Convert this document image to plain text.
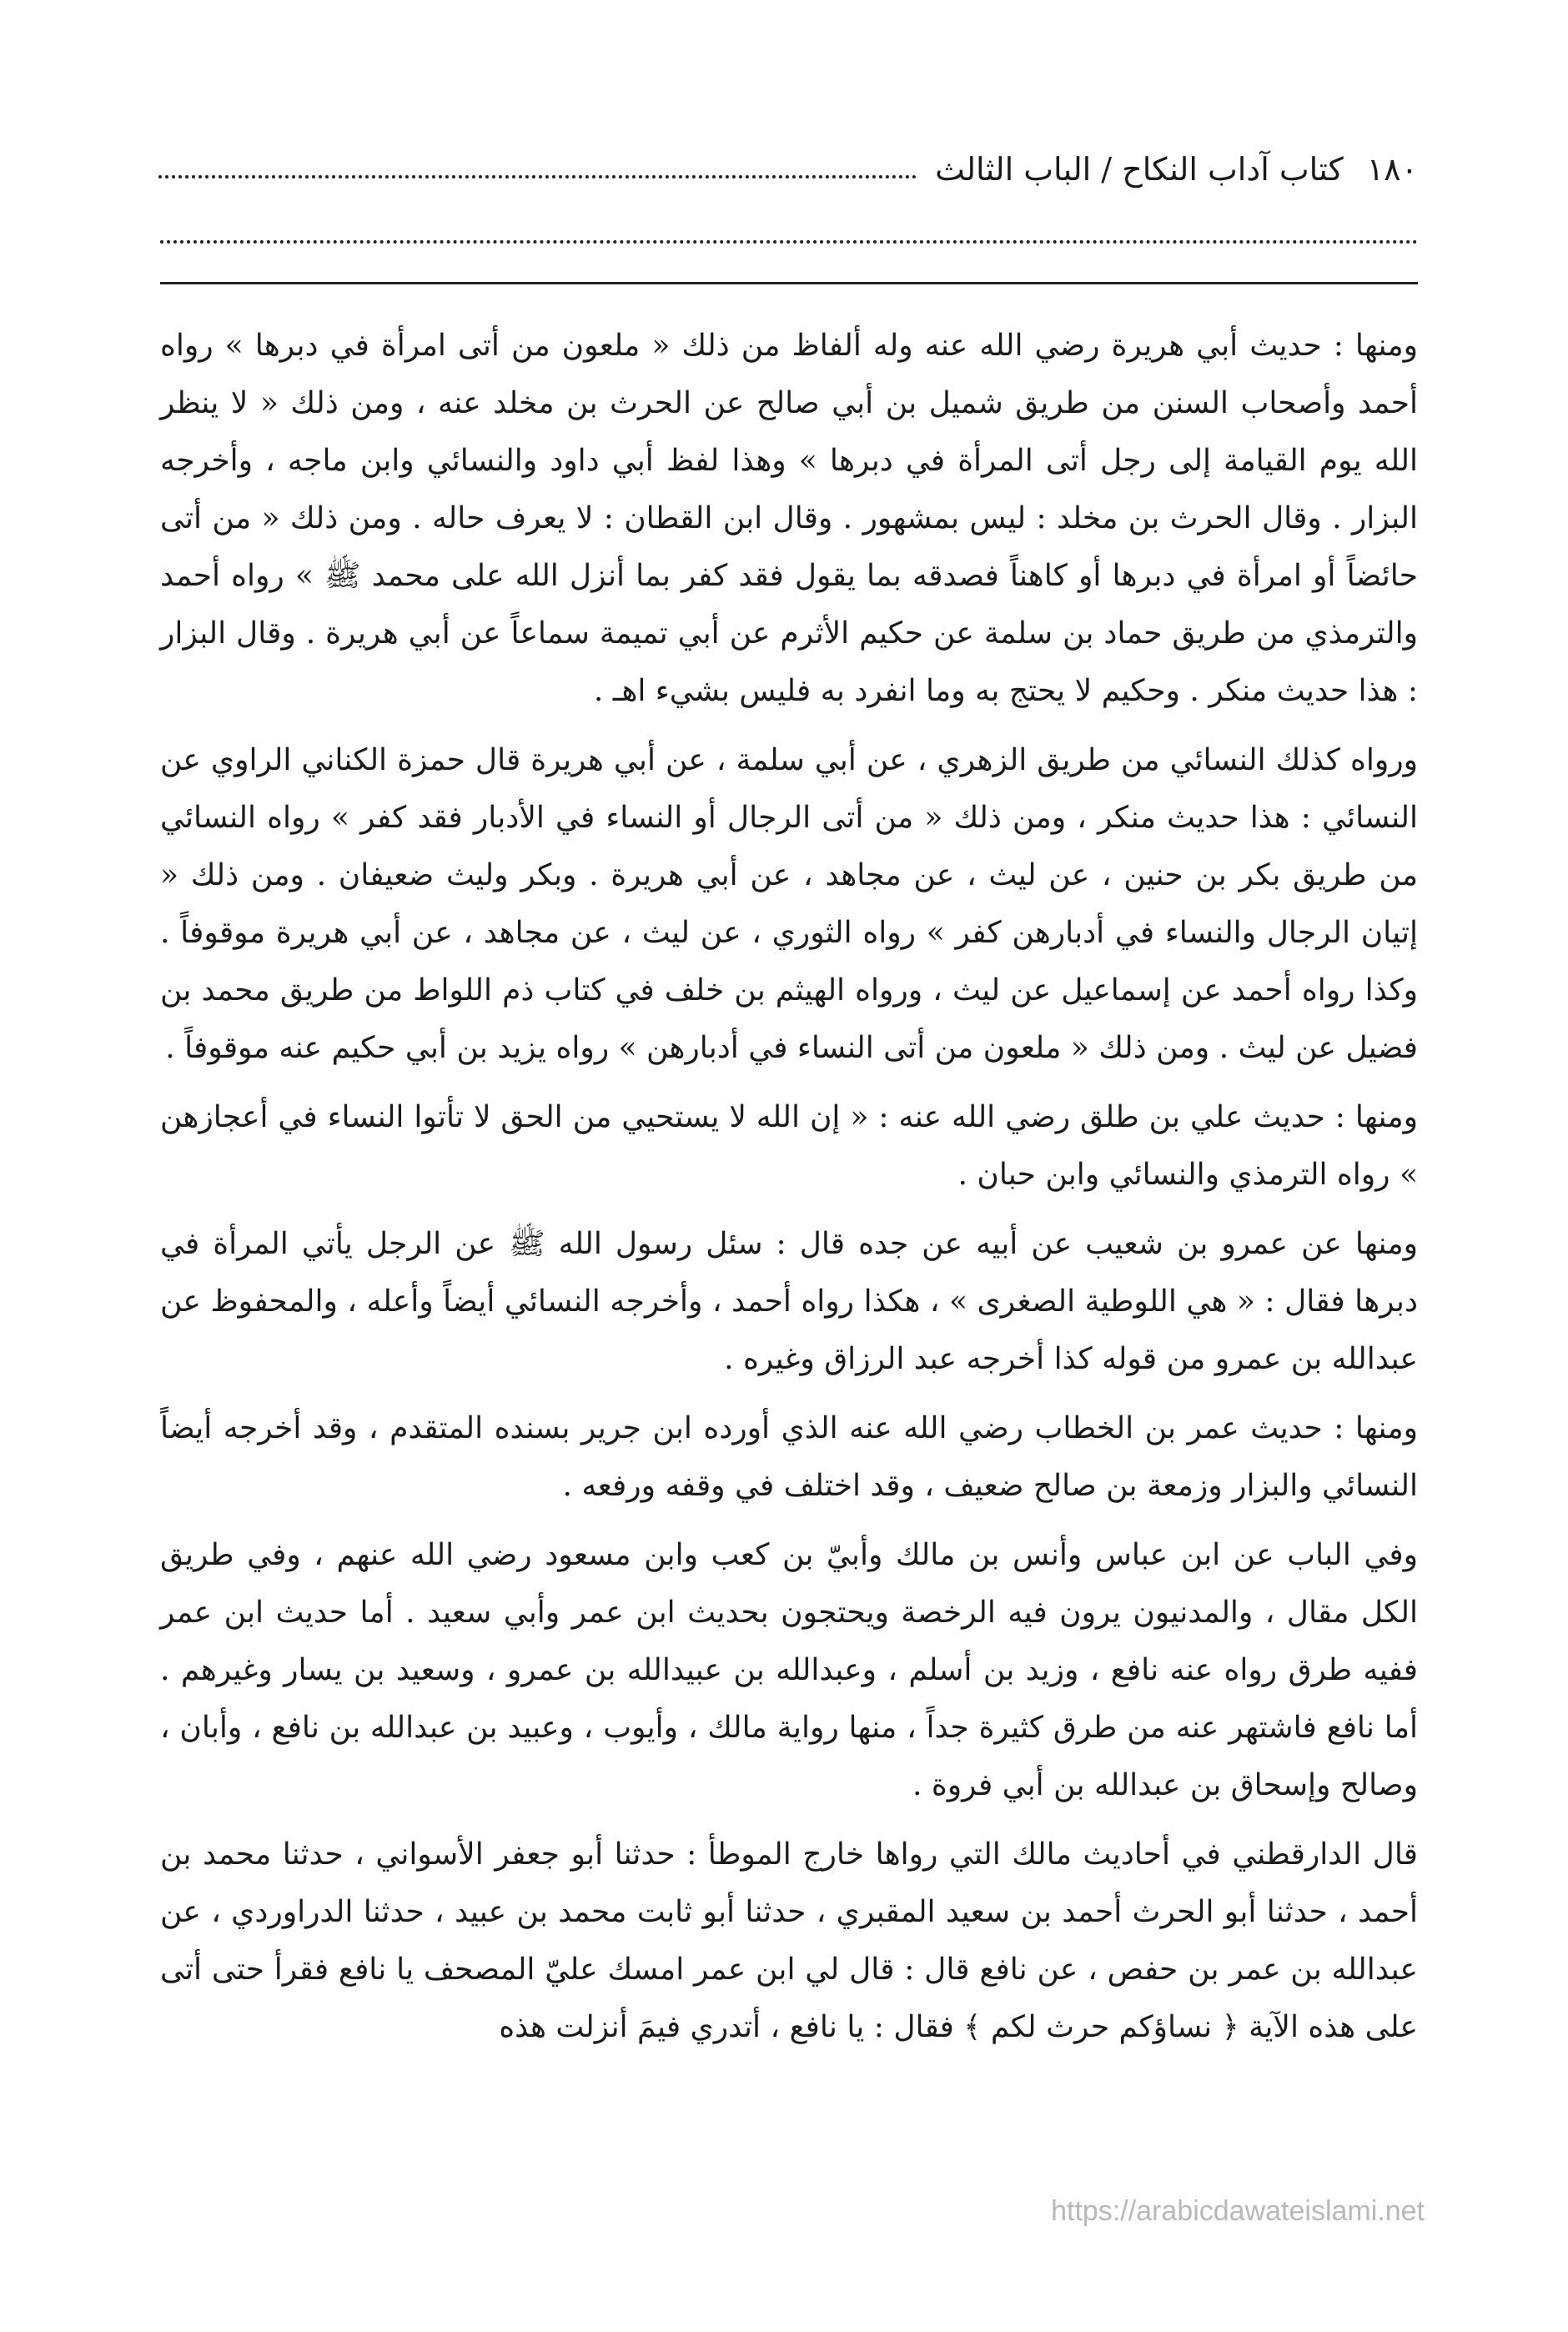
١٨٠
كتاب آداب النكاح / الباب الثالث

ومنها : حديث أبي هريرة رضي الله عنه وله ألفاظ من ذلك « ملعون من أتى امرأة في دبرها » رواه أحمد وأصحاب السنن من طريق شميل بن أبي صالح عن الحرث بن مخلد عنه ، ومن ذلك « لا ينظر الله يوم القيامة إلى رجل أتى المرأة في دبرها » وهذا لفظ أبي داود والنسائي وابن ماجه ، وأخرجه البزار . وقال الحرث بن مخلد : ليس بمشهور . وقال ابن القطان : لا يعرف حاله . ومن ذلك « من أتى حائضاً أو امرأة في دبرها أو كاهناً فصدقه بما يقول فقد كفر بما أنزل الله على محمد ﷺ » رواه أحمد والترمذي من طريق حماد بن سلمة عن حكيم الأثرم عن أبي تميمة سماعاً عن أبي هريرة . وقال البزار : هذا حديث منكر . وحكيم لا يحتج به وما انفرد به فليس بشيء اهـ .

ورواه كذلك النسائي من طريق الزهري ، عن أبي سلمة ، عن أبي هريرة قال حمزة الكناني الراوي عن النسائي : هذا حديث منكر ، ومن ذلك « من أتى الرجال أو النساء في الأدبار فقد كفر » رواه النسائي من طريق بكر بن حنين ، عن ليث ، عن مجاهد ، عن أبي هريرة . وبكر وليث ضعيفان . ومن ذلك « إتيان الرجال والنساء في أدبارهن كفر » رواه الثوري ، عن ليث ، عن مجاهد ، عن أبي هريرة موقوفاً . وكذا رواه أحمد عن إسماعيل عن ليث ، ورواه الهيثم بن خلف في كتاب ذم اللواط من طريق محمد بن فضيل عن ليث . ومن ذلك « ملعون من أتى النساء في أدبارهن » رواه يزيد بن أبي حكيم عنه موقوفاً .

ومنها : حديث علي بن طلق رضي الله عنه : « إن الله لا يستحيي من الحق لا تأتوا النساء في أعجازهن » رواه الترمذي والنسائي وابن حبان .

ومنها عن عمرو بن شعيب عن أبيه عن جده قال : سئل رسول الله ﷺ عن الرجل يأتي المرأة في دبرها فقال : « هي اللوطية الصغرى » ، هكذا رواه أحمد ، وأخرجه النسائي أيضاً وأعله ، والمحفوظ عن عبدالله بن عمرو من قوله كذا أخرجه عبد الرزاق وغيره .

ومنها : حديث عمر بن الخطاب رضي الله عنه الذي أورده ابن جرير بسنده المتقدم ، وقد أخرجه أيضاً النسائي والبزار وزمعة بن صالح ضعيف ، وقد اختلف في وقفه ورفعه .

وفي الباب عن ابن عباس وأنس بن مالك وأبيّ بن كعب وابن مسعود رضي الله عنهم ، وفي طريق الكل مقال ، والمدنيون يرون فيه الرخصة ويحتجون بحديث ابن عمر وأبي سعيد . أما حديث ابن عمر ففيه طرق رواه عنه نافع ، وزيد بن أسلم ، وعبدالله بن عبيدالله بن عمرو ، وسعيد بن يسار وغيرهم . أما نافع فاشتهر عنه من طرق كثيرة جداً ، منها رواية مالك ، وأيوب ، وعبيد بن عبدالله بن نافع ، وأبان ، وصالح وإسحاق بن عبدالله بن أبي فروة .

قال الدارقطني في أحاديث مالك التي رواها خارج الموطأ : حدثنا أبو جعفر الأسواني ، حدثنا محمد بن أحمد ، حدثنا أبو الحرث أحمد بن سعيد المقبري ، حدثنا أبو ثابت محمد بن عبيد ، حدثنا الدراوردي ، عن عبدالله بن عمر بن حفص ، عن نافع قال : قال لي ابن عمر امسك عليّ المصحف يا نافع فقرأ حتى أتى على هذه الآية ﴿ نساؤكم حرث لكم ﴾ فقال : يا نافع ، أتدري فيمَ أنزلت هذه

https://arabicdawateislami.net
